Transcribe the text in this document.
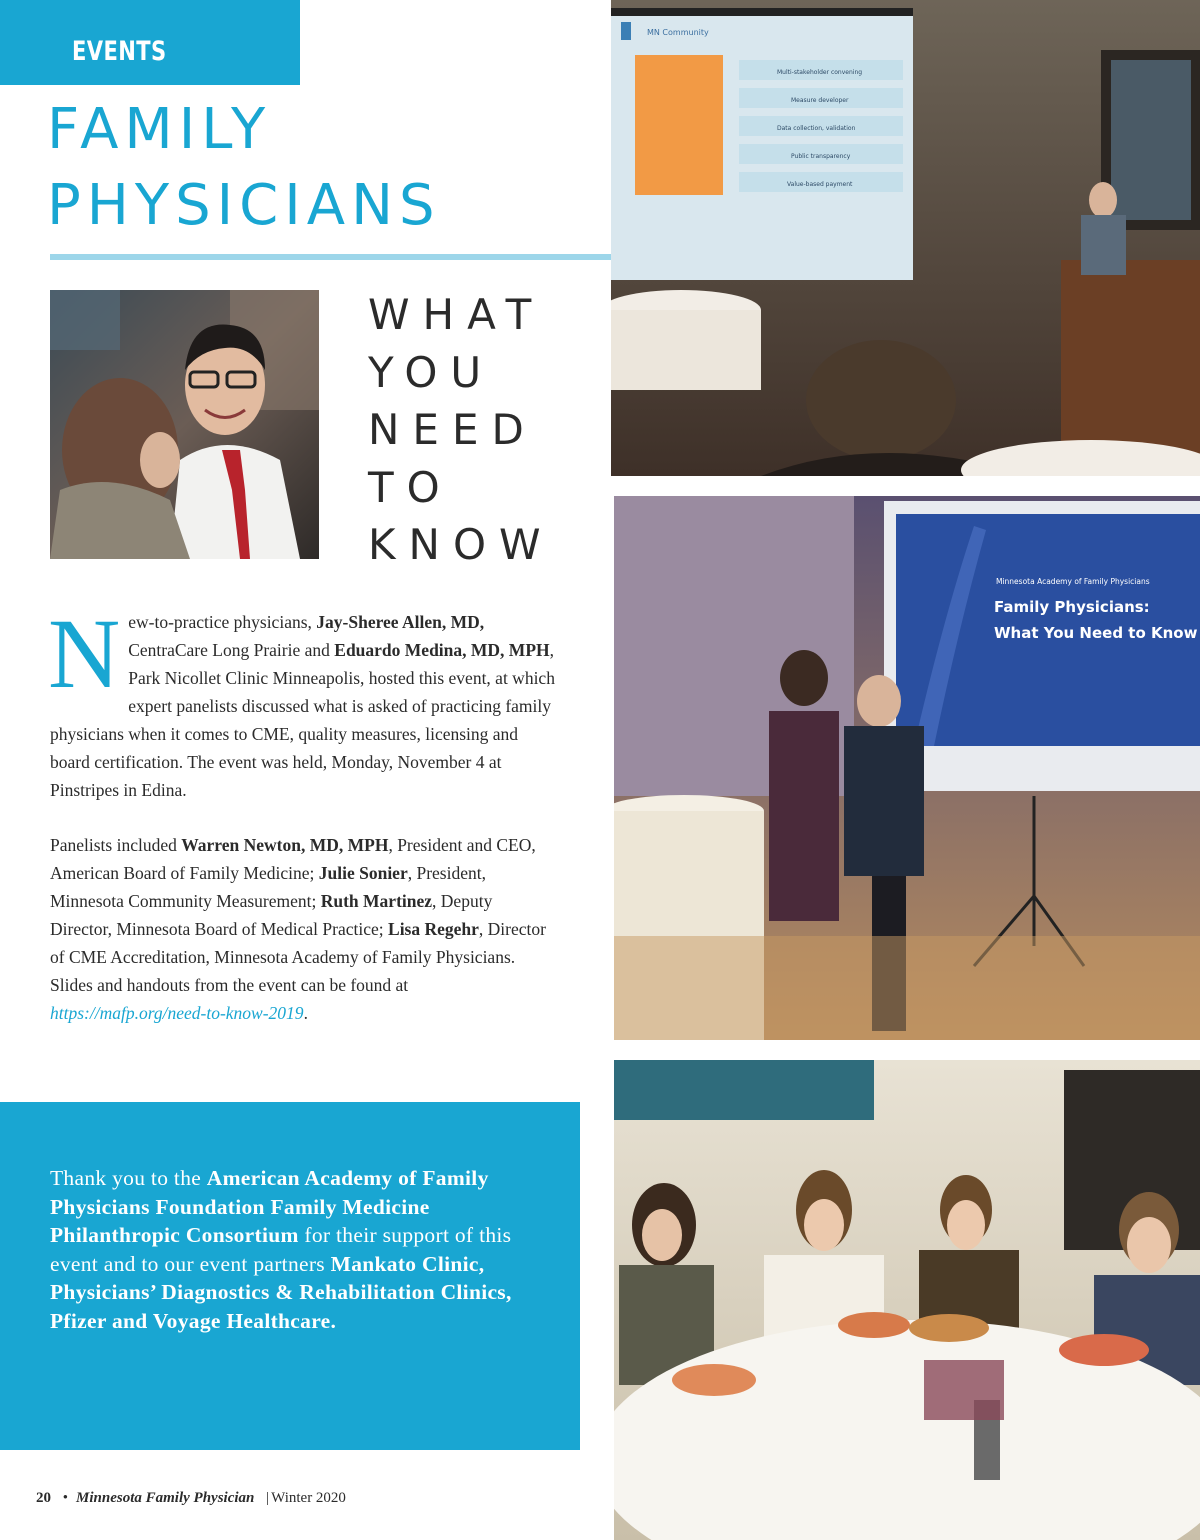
EVENTS
FAMILY
PHYSICIANS
WHAT
YOU
NEED
TO
KNOW
New-to-practice physicians, Jay-Sheree Allen, MD, CentraCare Long Prairie and Eduardo Medina, MD, MPH, Park Nicollet Clinic Minneapolis, hosted this event, at which expert panelists discussed what is asked of practicing family physicians when it comes to CME, quality measures, licensing and board certification. The event was held, Monday, November 4 at Pinstripes in Edina.
Panelists included Warren Newton, MD, MPH, President and CEO, American Board of Family Medicine; Julie Sonier, President, Minnesota Community Measurement; Ruth Martinez, Deputy Director, Minnesota Board of Medical Practice; Lisa Regehr, Director of CME Accreditation, Minnesota Academy of Family Physicians.
Slides and handouts from the event can be found at https://mafp.org/need-to-know-2019.
Thank you to the American Academy of Family Physicians Foundation Family Medicine Philanthropic Consortium for their support of this event and to our event partners Mankato Clinic, Physicians’ Diagnostics & Rehabilitation Clinics, Pfizer and Voyage Healthcare.
MN Community
Multi-stakeholder convening
Measure developer
Data collection, validation
Public transparency
Value-based payment
Minnesota Academy of Family Physicians
Family Physicians:
What You Need to Know
20 • Minnesota Family Physician | Winter 2020
